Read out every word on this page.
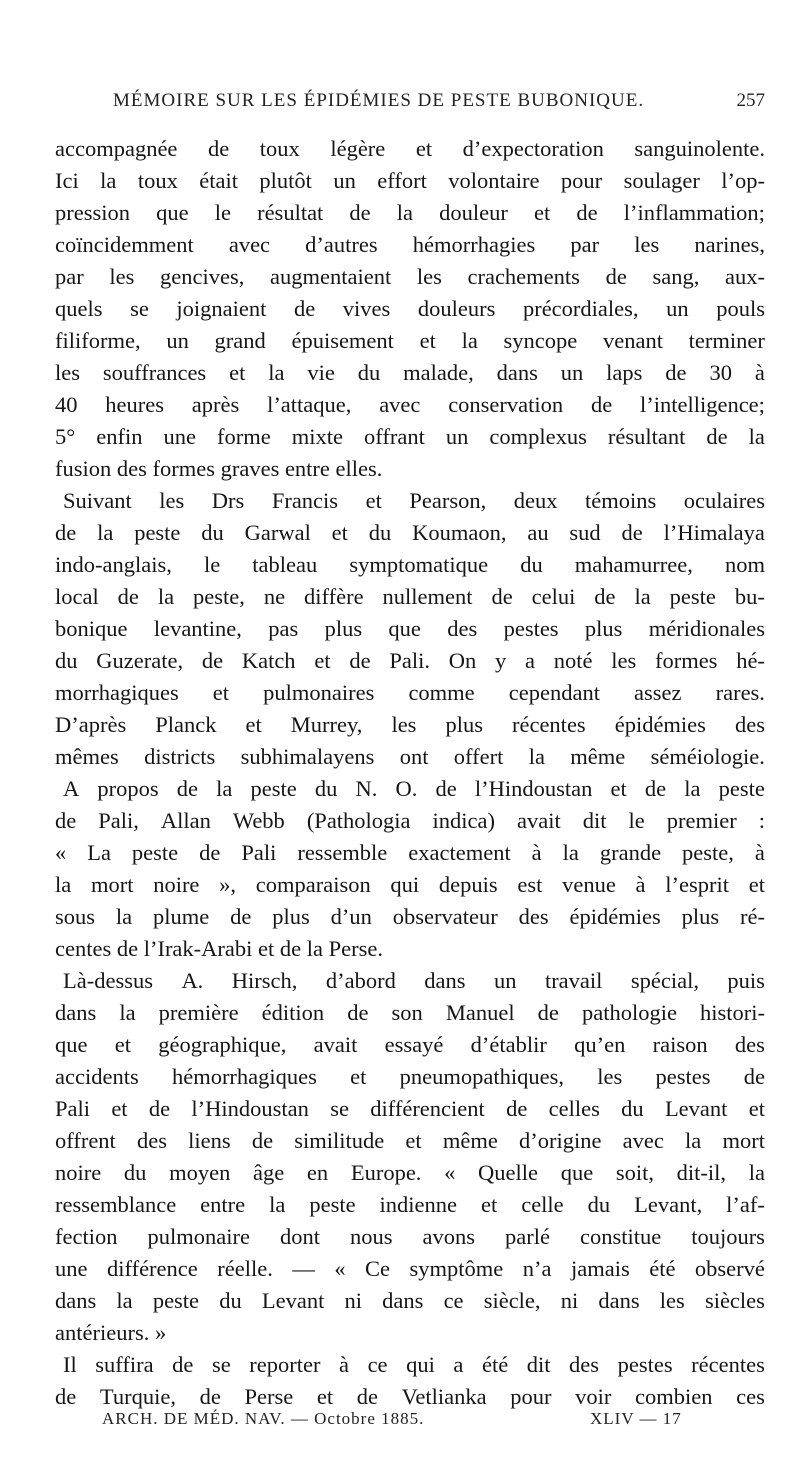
MÉMOIRE SUR LES ÉPIDÉMIES DE PESTE BUBONIQUE.	257
accompagnée de toux légère et d’expectoration sanguinolente.
Ici la toux était plutôt un effort volontaire pour soulager l’op-
pression que le résultat de la douleur et de l’inflammation;
coïncidemment avec d’autres hémorrhagies par les narines,
par les gencives, augmentaient les crachements de sang, aux-
quels se joignaient de vives douleurs précordiales, un pouls
filiforme, un grand épuisement et la syncope venant terminer
les souffrances et la vie du malade, dans un laps de 30 à
40 heures après l’attaque, avec conservation de l’intelligence;
5° enfin une forme mixte offrant un complexus résultant de la
fusion des formes graves entre elles.
Suivant les Drs Francis et Pearson, deux témoins oculaires
de la peste du Garwal et du Koumaon, au sud de l’Himalaya
indo-anglais, le tableau symptomatique du mahamurree, nom
local de la peste, ne diffère nullement de celui de la peste bu-
bonique levantine, pas plus que des pestes plus méridionales
du Guzerate, de Katch et de Pali. On y a noté les formes hé-
morrhagiques et pulmonaires comme cependant assez rares.
D’après Planck et Murrey, les plus récentes épidémies des
mêmes districts subhimalayens ont offert la même séméiologie.
A propos de la peste du N. O. de l’Hindoustan et de la peste
de Pali, Allan Webb (Pathologia indica) avait dit le premier :
« La peste de Pali ressemble exactement à la grande peste, à
la mort noire », comparaison qui depuis est venue à l’esprit et
sous la plume de plus d’un observateur des épidémies plus ré-
centes de l’Irak-Arabi et de la Perse.
Là-dessus A. Hirsch, d’abord dans un travail spécial, puis
dans la première édition de son Manuel de pathologie histori-
que et géographique, avait essayé d’établir qu’en raison des
accidents hémorrhagiques et pneumopathiques, les pestes de
Pali et de l’Hindoustan se différencient de celles du Levant et
offrent des liens de similitude et même d’origine avec la mort
noire du moyen âge en Europe. « Quelle que soit, dit-il, la
ressemblance entre la peste indienne et celle du Levant, l’af-
fection pulmonaire dont nous avons parlé constitue toujours
une différence réelle. — « Ce symptôme n’a jamais été observé
dans la peste du Levant ni dans ce siècle, ni dans les siècles
antérieurs. »
Il suffira de se reporter à ce qui a été dit des pestes récentes
de Turquie, de Perse et de Vetlianka pour voir combien ces
ARCH. DE MÉD. NAV. — Octobre 1885.	XLIV — 17
